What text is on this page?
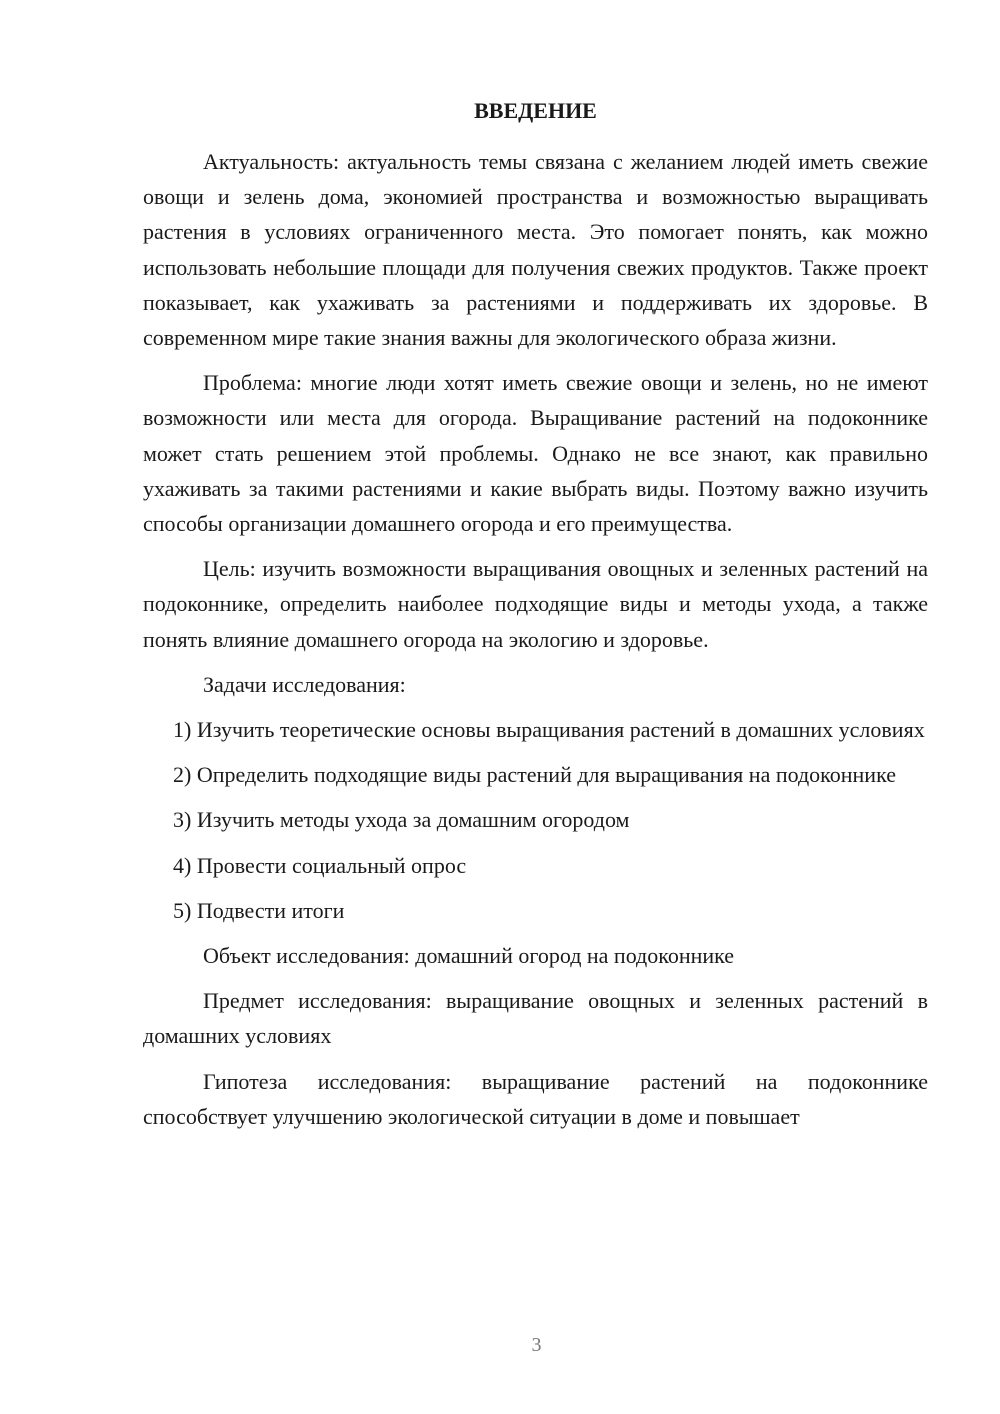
ВВЕДЕНИЕ

Актуальность: актуальность темы связана с желанием людей иметь свежие овощи и зелень дома, экономией пространства и возможностью выращивать растения в условиях ограниченного места. Это помогает понять, как можно использовать небольшие площади для получения свежих продуктов. Также проект показывает, как ухаживать за растениями и поддерживать их здоровье. В современном мире такие знания важны для экологического образа жизни.

Проблема: многие люди хотят иметь свежие овощи и зелень, но не имеют возможности или места для огорода. Выращивание растений на подоконнике может стать решением этой проблемы. Однако не все знают, как правильно ухаживать за такими растениями и какие выбрать виды. Поэтому важно изучить способы организации домашнего огорода и его преимущества.

Цель: изучить возможности выращивания овощных и зеленных растений на подоконнике, определить наиболее подходящие виды и методы ухода, а также понять влияние домашнего огорода на экологию и здоровье.

Задачи исследования:

1) Изучить теоретические основы выращивания растений в домашних условиях

2) Определить подходящие виды растений для выращивания на подоконнике

3) Изучить методы ухода за домашним огородом

4) Провести социальный опрос

5) Подвести итоги

Объект исследования: домашний огород на подоконнике

Предмет исследования: выращивание овощных и зеленных растений в домашних условиях

Гипотеза исследования: выращивание растений на подоконнике способствует улучшению экологической ситуации в доме и повышает

3
